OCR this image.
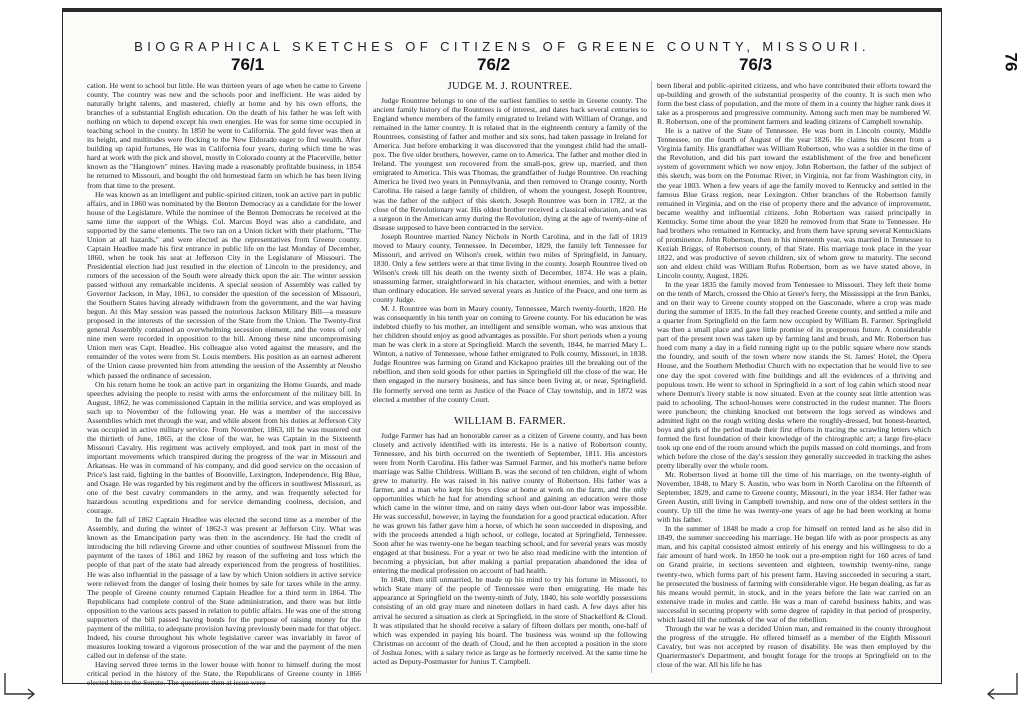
BIOGRAPHICAL SKETCHES OF CITIZENS OF GREENE COUNTY, MISSOURI.
76/1	76/2	76/3

cation. He went to school but little. He was thirteen years of age when he came to Greene county. The country was new and the schools poor and inefficient. He was aided by naturally bright talents, and mastered, chiefly at home and by his own efforts, the branches of a substantial English education. On the death of his father he was left with nothing on which to depend except his own energies. He was for some time occupied in teaching school in the county. In 1850 he went to California. The gold fever was then at its height, and multitudes were flocking to the New Eldorado eager to find wealth. After building up rapid fortunes, He was in California four years, during which time he was hard at work with the pick and shovel, mostly in Colorado county at the Placerville, better known as the "Hangtown" mines. Having made a reasonably profitable business, in 1854 he returned to Missouri, and bought the old homestead farm on which he has been living from that time to the present.

He was known as an intelligent and public-spirited citizen, took an active part in public affairs, and in 1860 was nominated by the Benton Democracy as a candidate for the lower house of the Legislature. While the nominee of the Benton Democrats he received at the same time the support of the Whigs. Col. Marcus Boyd was also a candidate, and supported by the same elements. The two ran on a Union ticket with their platform, "The Union at all hazards," and were elected as the representatives from Greene county. Captain Headlee made his first entrance in public life on the last Monday of December, 1860, when he took his seat at Jefferson City in the Legislature of Missouri. The Presidential election had just resulted in the election of Lincoln to the presidency, and rumors of the secession of the South were already thick upon the air. The winter session passed without any remarkable incidents. A special session of Assembly was called by Governor Jackson, in May, 1861, to consider the question of the secession of Missouri, the Southern States having already withdrawn from the government, and the war having begun. At this May session was passed the notorious Jackson Military Bill—a measure proposed in the interests of the secession of the State from the Union. The Twenty-first general Assembly contained an overwhelming secession element, and the votes of only nine men were recorded in opposition to the bill. Among these nine uncompromising Union men was Capt. Headlee. His colleague also voted against the measure, and the remainder of the votes were from St. Louis members. His position as an earnest adherent of the Union cause prevented him from attending the session of the Assembly at Neosho which passed the ordinance of secession.

On his return home he took an active part in organizing the Home Guards, and made speeches advising the people to resist with arms the enforcement of the military bill. In August, 1862, he was commissioned Captain in the militia service, and was employed as such up to November of the following year. He was a member of the successive Assemblies which met through the war, and while absent from his duties at Jefferson City was occupied in active military service. From November, 1863, till he was mustered out the thirtieth of June, 1865, at the close of the war, he was Captain in the Sixteenth Missouri Cavalry. His regiment was actively employed, and took part in most of the important movements which transpired during the progress of the war in Missouri and Arkansas. He was in command of his company, and did good service on the occasion of Price's last raid, fighting in the battles of Boonville, Lexington, Independence, Big Blue, and Osage. He was regarded by his regiment and by the officers in southwest Missouri, as one of the best cavalry commanders in the army, and was frequently selected for hazardous scouting expeditions and for service demanding coolness, decision, and courage.

In the fall of 1862 Captain Headlee was elected the second time as a member of the Assembly, and during the winter of 1862-3 was present at Jefferson City. What was known as the Emancipation party was then in the ascendency. He had the credit of introducing the bill relieving Greene and other counties of southwest Missouri from the payment of the taxes of 1861 and 1862 by reason of the suffering and loss which the people of that part of the state had already experienced from the progress of hostilities. He was also influential in the passage of a law by which Union soldiers in active service were relieved from the danger of losing their homes by sale for taxes while in the army. The people of Greene county returned Captain Headlee for a third term in 1864. The Republicans had complete control of the State administration, and there was but little opposition to the various acts passed in relation to public affairs. He was one of the strong supporters of the bill passed having bonds for the purpose of raising money for the payment of the militia, to adequate provision having previously been made for that object. Indeed, his course throughout his whole legislative career was invariably in favor of measures looking toward a vigorous prosecution of the war and the payment of the men called out in defense of the state.

Having served three terms in the lower house with honor to himself during the most critical period in the history of the State, the Republicans of Greene county in 1866 elected him to the Senate. The questions then at issue were

JUDGE M. J. ROUNTREE.

Judge Rountree belongs to one of the earliest families to settle in Greene county. The ancient family history of the Rountrees is of interest, and dates back several centuries to England whence members of the family emigrated to Ireland with William of Orange, and remained in the latter country. It is related that in the eighteenth century a family of the Rountrees, consisting of father and mother and six sons, had taken passage in Ireland for America. Just before embarking it was discovered that the youngest child had the small-pox. The five older brothers, however, came on to America. The father and mother died in Ireland. The youngest son recovered from the small-pox, grew up, married, and then emigrated to America. This was Thomas, the grandfather of Judge Rountree. On reaching America he lived two years in Pennsylvania, and then removed to Orange county, North Carolina. He raised a large family of children, of whom the youngest, Joseph Rountree, was the father of the subject of this sketch. Joseph Rountree was born in 1782, at the close of the Revolutionary war. His oldest brother received a classical education, and was a surgeon in the American army during the Revolution, dying at the age of twenty-nine of disease supposed to have been contracted in the service.

Joseph Rountree married Nancy Nichols in North Carolina, and in the fall of 1819 moved to Maury county, Tennessee. In December, 1829, the family left Tennessee for Missouri, and arrived on Wilson's creek, within two miles of Springfield, in January, 1830. Only a few settlers were at that time living in the county. Joseph Rountree lived on Wilson's creek till his death on the twenty sixth of December, 1874. He was a plain, unassuming farmer, straightforward in his character, without enemies, and with a better than ordinary education. He served several years as Justice of the Peace, and one term as county Judge.

M. J. Rountree was born in Maury county, Tennessee, March twenty-fourth, 1820. He was consequently in his tenth year on coming to Greene county. For his education he was indebted chiefly to his mother, an intelligent and sensible woman, who was anxious that her children should enjoy as good advantages as possible. For short periods when a young man he was clerk in a store at Springfield. March the seventh, 1844, he married Mary L. Winton, a native of Tennessee, whose father emigrated to Polk county, Missouri, in 1838. Judge Rountree was farming on Grand and Kickapoo prairies till the breaking out of the rebellion, and then sold goods for other parties in Springfield till the close of the war. He then engaged in the nursery business, and has since been living at, or near, Springfield. He formerly served one term as Justice of the Peace of Clay township, and in 1872 was elected a member of the county Court.

WILLIAM B. FARMER.

Judge Farmer has had an honorable career as a citizen of Greene county, and has been closely and actively identified with its interests. He is a native of Robertson county, Tennessee, and his birth occurred on the twentieth of September, 1811. His ancestors were from North Carolina. His father was Samuel Farmer, and his mother's name before marriage was Sallie Childress. William B. was the second of ten children, eight of whom grew to maturity. He was raised in his native county of Robertson. His father was a farmer, and a man who kept his boys close at home at work on the farm, and the only opportunities which he had for attending school and gaining an education were those which came in the winter time, and on rainy days when out-door labor was impossible. He was successful, however, in laying the foundation for a good practical education. After he was grown his father gave him a horse, of which he soon succeeded in disposing, and with the proceeds attended a high school, or college, located at Springfield, Tennessee. Soon after he was twenty-one he began teaching school, and for several years was mostly engaged at that business. For a year or two he also read medicine with the intention of becoming a physician, but after making a partial preparation abandoned the idea of entering the medical profession on account of bad health.

In 1840, then still unmarried, he made up his mind to try his fortune in Missouri, to which State many of the people of Tennessee were then emigrating. He made his appearance at Springfield on the twenty-ninth of July, 1840, his sole worldly possessions consisting of an old gray mare and nineteen dollars in hard cash. A few days after his arrival he secured a situation as clerk at Springfield, in the store of Shackelford & Cloud. It was stipulated that he should receive a salary of fifteen dollars per month, one-half of which was expended in paying his board. The business was wound up the following Christmas on account of the death of Cloud, and he then accepted a position in the store of Joshua Jones, with a salary twice as large as he formerly received. At the same time he acted as Deputy-Postmaster for Junius T. Campbell.

been liberal and public-spirited citizens, and who have contributed their efforts toward the up-building and growth of the substantial prosperity of the county. It is such men who form the best class of population, and the more of them in a county the higher rank does it take as a prosperous and progressive community. Among such men may be numbered W. R. Robertson, one of the prominent farmers and leading citizens of Campbell township.

He is a native of the State of Tennessee. He was born in Lincoln county, Middle Tennessee, on the fourth of August of the year 1826. He claims his descent from a Virginia family. His grandfather was William Robertson, who was a soldier in the time of the Revolution, and did his part toward the establishment of the free and beneficent system of government which we now enjoy. John Robertson, the father of the subject of this sketch, was born on the Potomac River, in Virginia, not far from Washington city, in the year 1803. When a few years of age the family moved to Kentucky and settled in the famous Blue Grass region, near Lexington. Other branches of the Robertson family remained in Virginia, and on the rise of property there and the advance of improvement, became wealthy and influential citizens. John Robertson was raised principally in Kentucky. Some time about the year 1820 he removed from that State to Tennessee. He had brothers who remained in Kentucky, and from them have sprung several Kentuckians of prominence. John Robertson, then in his nineteenth year, was married in Tennessee to Keziah Briggs, of Robertson county, of that State. His marriage took place in the year 1822, and was productive of seven children, six of whom grew to maturity. The second son and eldest child was William Rufus Robertson, born as we have stated above, in Lincoln county, August, 1826.

In the year 1835 the family moved from Tennessee to Missouri. They left their home on the tenth of March, crossed the Ohio at Greer's ferry, the Mississippi at the Iron Banks, and on their way to Greene county stopped on the Gasconade, where a crop was made during the summer of 1835. In the fall they reached Greene county, and settled a mile and a quarter from Springfield on the farm now occupied by William B. Farmer. Springfield was then a small place and gave little promise of its prosperous future. A considerable part of the present town was taken up by farming land and brush, and Mr. Robertson has hoed corn many a day in a field running right up to the public square where now stands the foundry, and south of the town where now stands the St. James' Hotel, the Opera House, and the Southern Methodist Church with no expectation that he would live to see one day the spot covered with fine buildings and all the evidences of a thriving and populous town. He went to school in Springfield in a sort of log cabin which stood near where Denton's livery stable is now situated. Even at the county seat little attention was paid to schooling. The school-houses were constructed in the rudest manner. The floors were puncheon; the chinking knocked out between the logs served as windows and admitted light on the rough writing desks where the roughly-dressed, but honest-hearted, boys and girls of the period made their first efforts in tracing the scrawling letters which formed the first foundation of their knowledge of the chirographic art; a large fire-place took up one end of the room around which the pupils massed on cold mornings, and from which before the close of the day's session they generally succeeded in tracking the ashes pretty liberally over the whole room.

Mr. Robertson lived at home till the time of his marriage, on the twenty-eighth of November, 1848, to Mary S. Austin, who was born in North Carolina on the fifteenth of September, 1829, and came to Greene county, Missouri, in the year 1834. Her father was Green Austin, still living in Campbell township, and now one of the oldest settlers in the county. Up till the time he was twenty-one years of age he had been working at home with his father.

In the summer of 1848 he made a crop for himself on rented land as he also did in 1849, the summer succeeding his marriage. He began life with as poor prospects as any man, and his capital consisted almost entirely of his energy and his willingness to do a fair amount of hard work. In 1850 he took out a pre-emption right for 160 acres of land on Grand prairie, in sections seventeen and eighteen, township twenty-nine, range twenty-two, which forms part of his present farm. Having succeeded in securing a start, he prosecuted the business of farming with considerable vigor. He began dealing, as far as his means would permit, in stock, and in the years before the late war carried on an extensive trade in mules and cattle. He was a man of careful business habits, and was successful in securing property with some degree of rapidity in that period of prosperity, which lasted till the outbreak of the war of the rebellion.

Through the war he was a decided Union man, and remained in the county throughout the progress of the struggle. He offered himself as a member of the Eighth Missouri Cavalry, but was not accepted by reason of disability. He was then employed by the Quartermaster's Department, and bought forage for the troops at Springfield on to the close of the war. All his life he has

76
